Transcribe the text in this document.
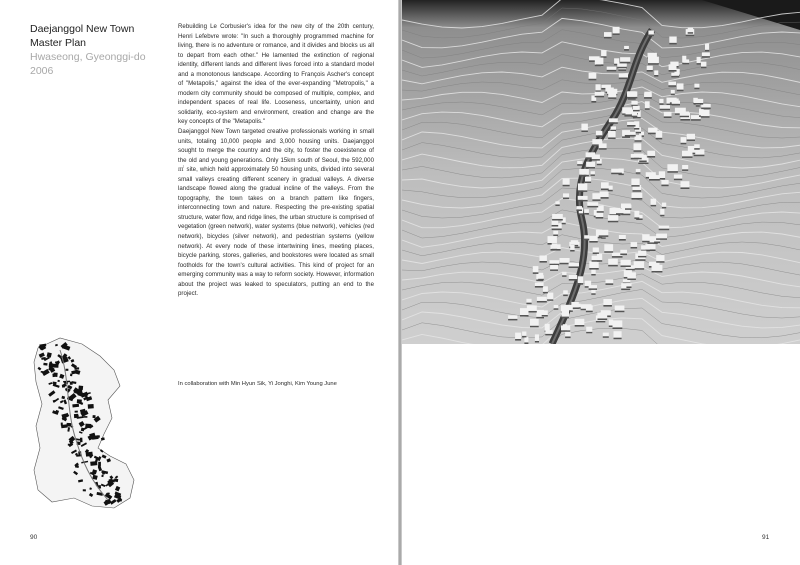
Daejanggol New Town
Master Plan
Hwaseong, Gyeonggi-do
2006

Rebuilding Le Corbusier's idea for the new city of the 20th century, Henri Lefebvre wrote: "In such a thoroughly programmed machine for living, there is no adventure or romance, and it divides and blocks us all to depart from each other." He lamented the extinction of regional identity, different lands and different lives forced into a standard model and a monotonous landscape. According to François Ascher's concept of "Metapolis," against the idea of the ever-expanding "Metropolis," a modern city community should be composed of multiple, complex, and independent spaces of real life. Looseness, uncertainty, union and solidarity, eco-system and environment, creation and change are the key concepts of the "Metapolis."

Daejanggol New Town targeted creative professionals working in small units, totaling 10,000 people and 3,000 housing units. Daejanggol sought to merge the country and the city, to foster the coexistence of the old and young generations. Only 15km south of Seoul, the 592,000㎡ site, which held approximately 50 housing units, divided into several small valleys creating different scenery in gradual valleys. A diverse landscape flowed along the gradual incline of the valleys. From the topography, the town takes on a branch pattern like fingers, interconnecting town and nature. Respecting the pre-existing spatial structure, water flow, and ridge lines, the urban structure is comprised of vegetation (green network), water systems (blue network), vehicles (red network), bicycles (silver network), and pedestrian systems (yellow network). At every node of these intertwining lines, meeting places, bicycle parking, stores, galleries, and bookstores were located as small footholds for the town's cultural activities. This kind of project for an emerging community was a way to reform society. However, information about the project was leaked to speculators, putting an end to the project.

In collaboration with Min Hyun Sik, Yi Jonghi, Kim Young June
90	91
